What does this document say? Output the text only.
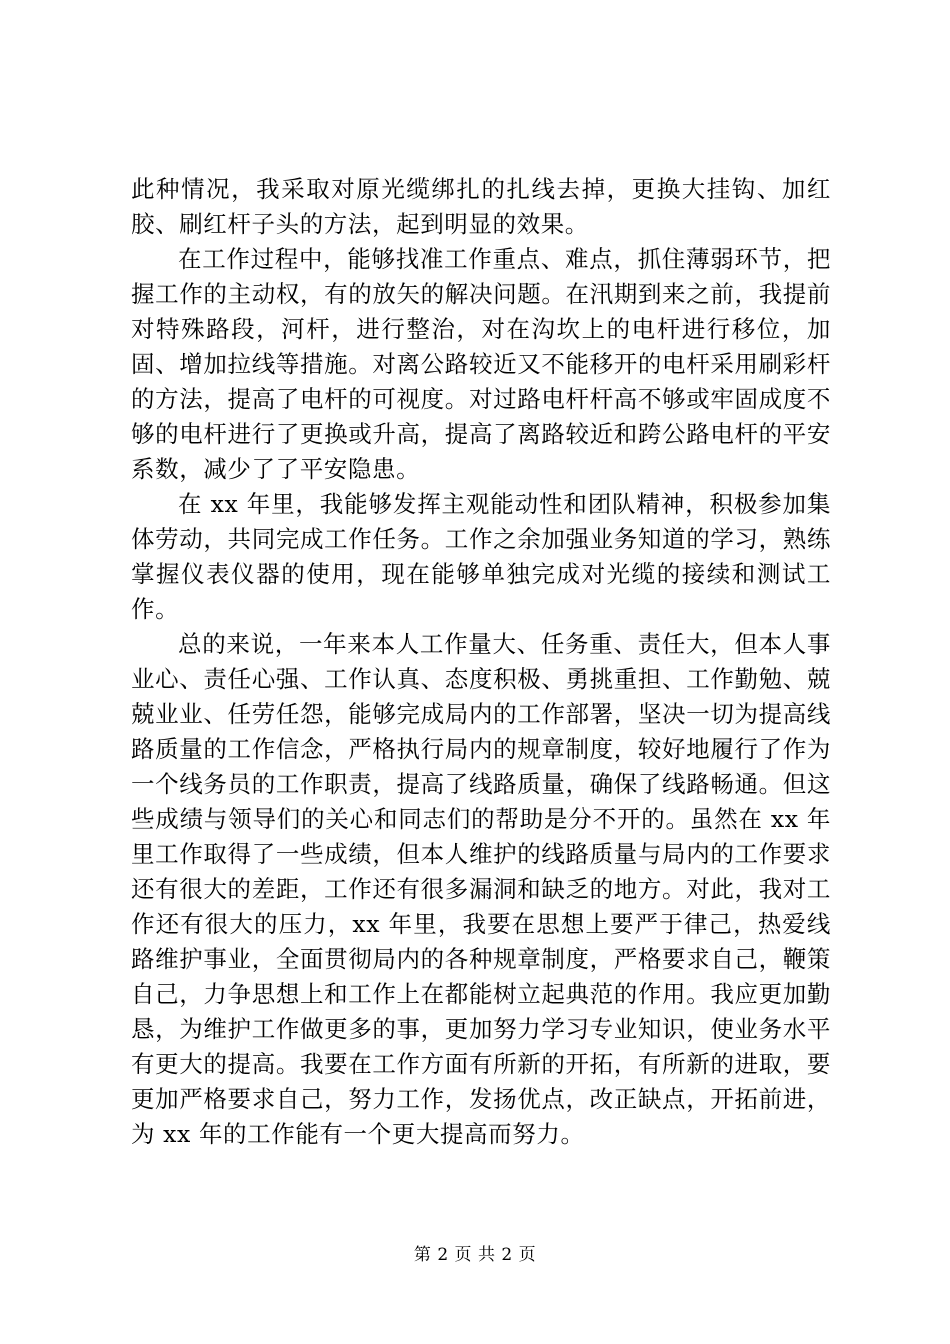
此种情况，我采取对原光缆绑扎的扎线去掉，更换大挂钩、加红胶、刷红杆子头的方法，起到明显的效果。

在工作过程中，能够找准工作重点、难点，抓住薄弱环节，把握工作的主动权，有的放矢的解决问题。在汛期到来之前，我提前对特殊路段，河杆，进行整治，对在沟坎上的电杆进行移位，加固、增加拉线等措施。对离公路较近又不能移开的电杆采用刷彩杆的方法，提高了电杆的可视度。对过路电杆杆高不够或牢固成度不够的电杆进行了更换或升高，提高了离路较近和跨公路电杆的平安系数，减少了了平安隐患。

在 xx 年里，我能够发挥主观能动性和团队精神，积极参加集体劳动，共同完成工作任务。工作之余加强业务知道的学习，熟练掌握仪表仪器的使用，现在能够单独完成对光缆的接续和测试工作。

总的来说，一年来本人工作量大、任务重、责任大，但本人事业心、责任心强、工作认真、态度积极、勇挑重担、工作勤勉、兢兢业业、任劳任怨，能够完成局内的工作部署，坚决一切为提高线路质量的工作信念，严格执行局内的规章制度，较好地履行了作为一个线务员的工作职责，提高了线路质量，确保了线路畅通。但这些成绩与领导们的关心和同志们的帮助是分不开的。虽然在 xx 年里工作取得了一些成绩，但本人维护的线路质量与局内的工作要求还有很大的差距，工作还有很多漏洞和缺乏的地方。对此，我对工作还有很大的压力，xx 年里，我要在思想上要严于律己，热爱线路维护事业，全面贯彻局内的各种规章制度，严格要求自己，鞭策自己，力争思想上和工作上在都能树立起典范的作用。我应更加勤恳，为维护工作做更多的事，更加努力学习专业知识，使业务水平有更大的提高。我要在工作方面有所新的开拓，有所新的进取，要更加严格要求自己，努力工作，发扬优点，改正缺点，开拓前进，为 xx 年的工作能有一个更大提高而努力。

第 2 页 共 2 页
